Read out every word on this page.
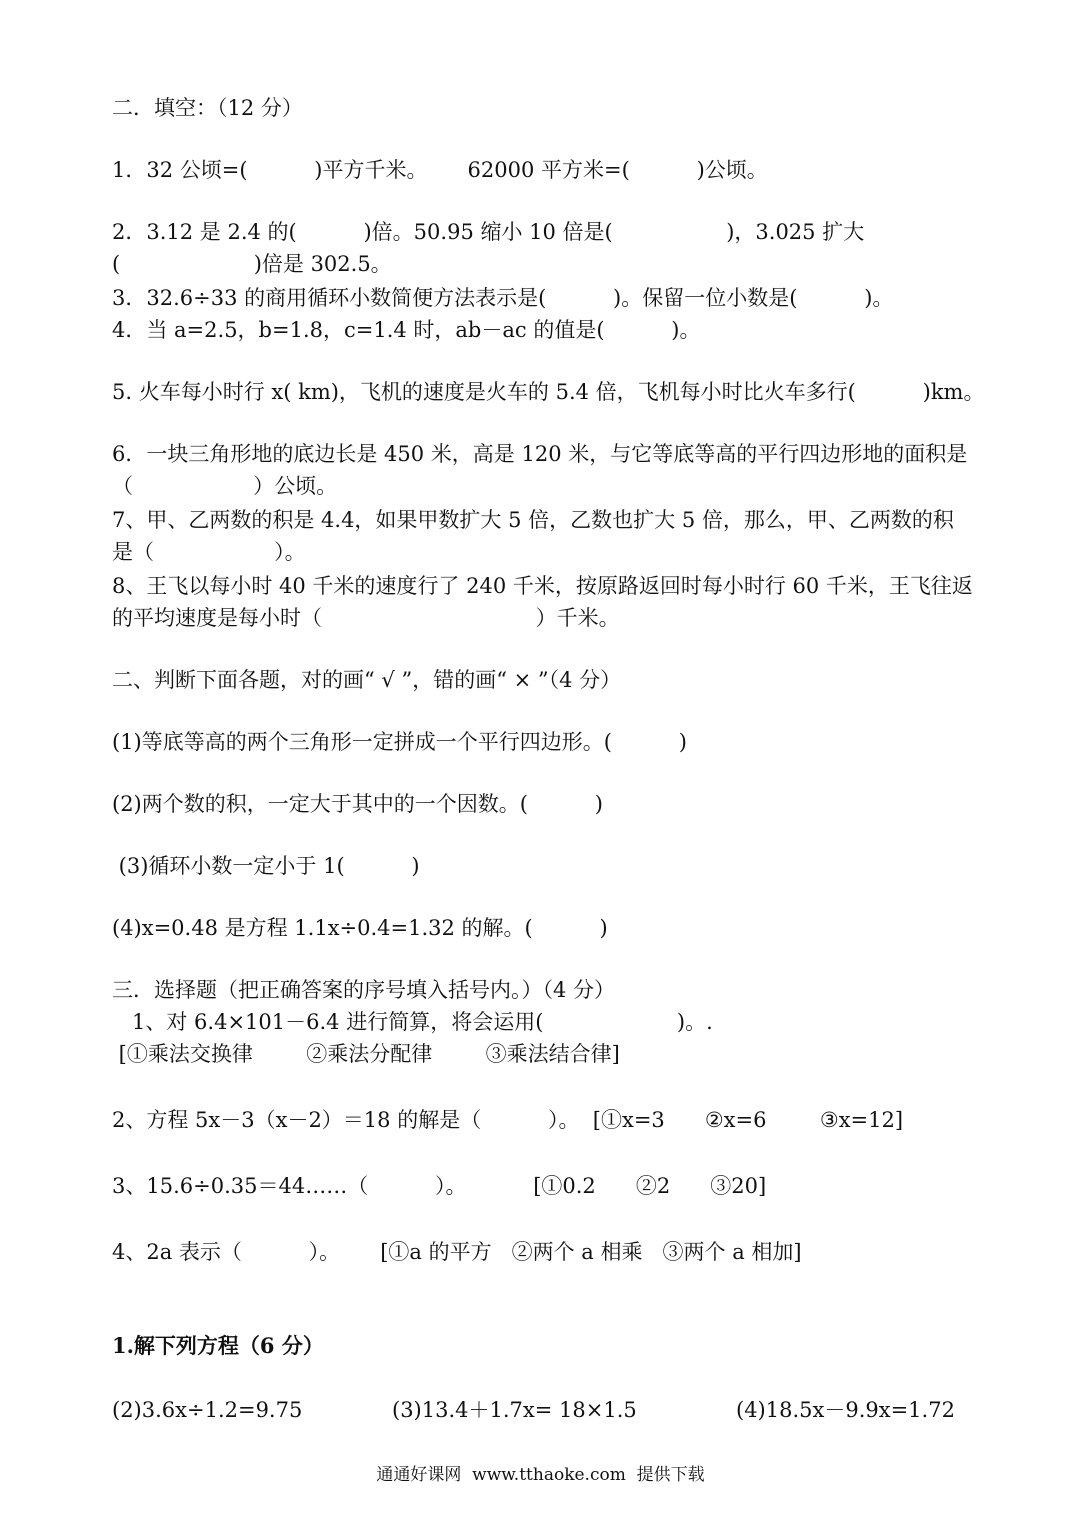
二．填空：（12 分）
1．32 公顷=(          )平方千米。      62000 平方米=(          )公顷。
2．3.12 是 2.4 的(          )倍。50.95 缩小 10 倍是(                 )，3.025 扩大
(                    )倍是 302.5。
3．32.6÷33 的商用循环小数简便方法表示是(          )。保留一位小数是(          )。
4．当 a=2.5，b=1.8，c=1.4 时，ab－ac 的值是(          )。
5. 火车每小时行 x( km)，飞机的速度是火车的 5.4 倍，飞机每小时比火车多行(          )km。
6．一块三角形地的底边长是 450 米，高是 120 米，与它等底等高的平行四边形地的面积是
（                  ）公顷。
7、甲、乙两数的积是 4.4，如果甲数扩大 5 倍，乙数也扩大 5 倍，那么，甲、乙两数的积
是（                  ）。
8、王飞以每小时 40 千米的速度行了 240 千米，按原路返回时每小时行 60 千米，王飞往返
的平均速度是每小时（                                ）千米。
二、判断下面各题，对的画“ √ ”，错的画“ × ”（4 分）
(1)等底等高的两个三角形一定拼成一个平行四边形。(          )
(2)两个数的积，一定大于其中的一个因数。(          )
(3)循环小数一定小于 1(          )
(4)x=0.48 是方程 1.1x÷0.4=1.32 的解。(          )
三．选择题（把正确答案的序号填入括号内。）（4 分）
1、对 6.4×101－6.4 进行简算，将会运用(                    )。.
[①乘法交换律        ②乘法分配律        ③乘法结合律]
2、方程 5x－3（x－2）＝18 的解是（          ）。  [①x=3      ②x=6        ③x=12]
3、15.6÷0.35＝44……（          ）。          [①0.2      ②2      ③20]
4、2a 表示（          ）。      [①a 的平方   ②两个 a 相乘   ③两个 a 相加]
1.解下列方程（6 分）
(2)3.6x÷1.2=9.75	(3)13.4＋1.7x= 18×1.5	(4)18.5x－9.9x=1.72
通通好课网  www.tthaoke.com  提供下载
